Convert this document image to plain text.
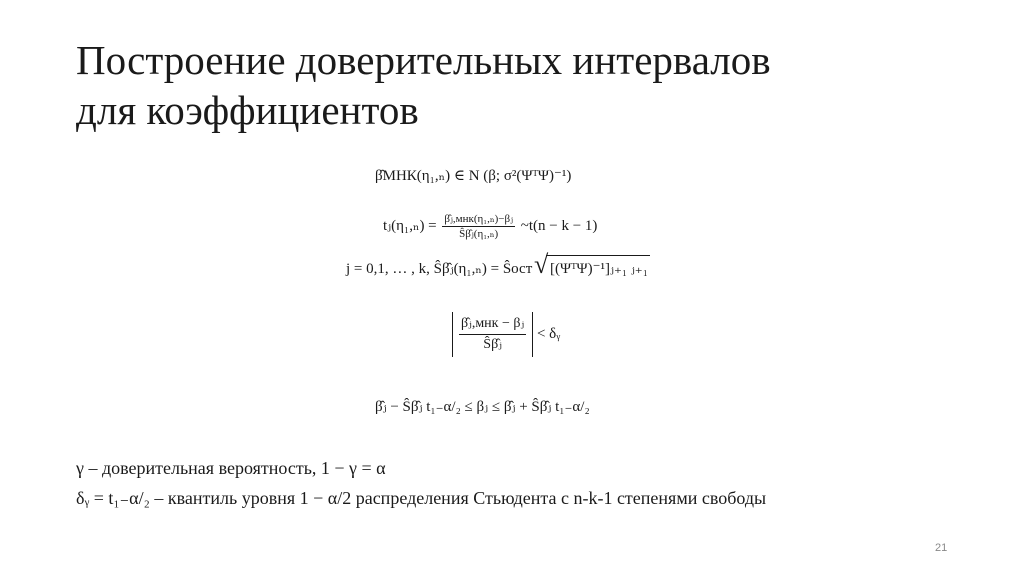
Построение доверительных интервалов
для коэффициентов
β̂МНК(η₁,ₙ) ∈ N (β; σ²(ΨᵀΨ)⁻¹)
tⱼ(η₁,ₙ) = $\frac{\text{β̂ⱼ,мнк(η₁,ₙ)−βⱼ}}{\text{Ŝβ̂ⱼ(η₁,ₙ)}}$ ~t(n − k − 1)
j = 0,1, … , k, Ŝβ̂ⱼ(η₁,ₙ) = Ŝост √ [(ΨᵀΨ)⁻¹]ⱼ₊₁ ⱼ₊₁
$\frac{\text{β̂ⱼ,мнк − βⱼ}}{\text{Ŝβ̂ⱼ}}$ < δᵧ
β̂ⱼ − Ŝβ̂ⱼ t₁₋α/₂ ≤ βⱼ ≤ β̂ⱼ + Ŝβ̂ⱼ t₁₋α/₂
γ – доверительная вероятность, 1 − γ = α
δᵧ = t₁₋α/₂ – квантиль уровня 1 − α/2 распределения Стьюдента с n-k-1 степенями свободы
21
